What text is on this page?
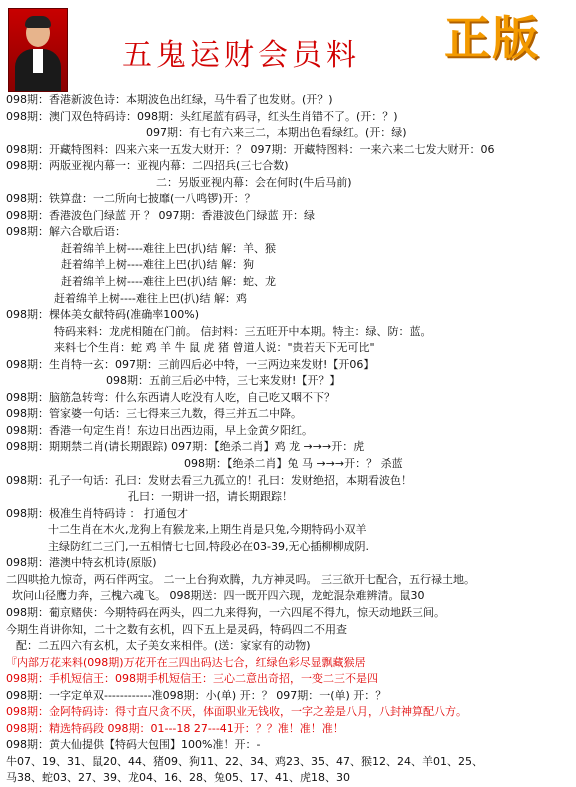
五鬼运财会员料 正版
098期：香港新波色诗：本期波色出红绿，马牛看了也发财。(开？)
098期：澳门双色特码诗：098期：头红尾蓝有码寻，红头生肖错不了。(开：？)
097期：有七有六来三二，本期出色看绿红。(开：绿)
098期：开藏特图料：四来六来一五发大财开：？ 097期：开藏特图料：一来六来二七发大财开：06
098期：两版亚视内幕一：亚视内幕：二四招兵(三七合数)
二：另版亚视内幕：会在何时(牛后马前)
098期：铁算盘：一二所向七披靡(一八鸣锣)开：？
098期：香港波色门绿蓝 开 ？ 097期：香港波色门绿蓝 开：绿
098期：解六合歇后语：
赶着绵羊上树----难往上巴(扒)结 解：羊、猴
赶着绵羊上树----难往上巴(扒)结 解：狗
赶着绵羊上树----难往上巴(扒)结 解：蛇、龙
赶着绵羊上树----难往上巴(扒)结 解：鸡
098期：棵体美女献特码(准确率100%)
特码来料：龙虎相随在门前。 信封料：三五旺开中本期。特主：绿、防：蓝。
来料七个生肖：蛇 鸡 羊 牛 鼠 虎 猪 曾道人说："贵若天下无可比"
098期：生肖特一玄：097期：三前四后必中特，一三两边来发财!【开06】
098期：五前三后必中特，三七来发财!【开？】
098期：脑筋急转弯：什么东西请人吃没有人吃，自己吃又咽不下？
098期：管家婆一句话：三七得来三九数，得三并五二中降。
098期：香港一句定生肖！东边日出西边雨，早上金黄夕阳红。
098期：期期禁二肖(请长期跟踪) 097期：【绝杀二肖】鸡 龙 →→→开：虎
098期：【绝杀二肖】兔 马 →→→开：？ 杀蓝
098期：孔子一句话：孔曰：发财去看三九孤立的！孔曰：发财绝招，本期看波色！
孔曰：一期讲一招，请长期跟踪！
098期：极准生肖特码诗 ： 打通包才
十二生肖在木火,龙狗上有猴龙来,上期生肖是只兔,今期特码小双羊
主绿防红二三门,一五相情七七回,特段必在03-39,无心插柳柳成阴.
098期：港澳中特玄机诗(原版)
二四哄抢九惊奇，两石伴两宝。 二一上台狗欢腾，九方神灵吗。 三三欲开七配合，五行禄土地。
坎问山径鹰力奔，三槐六魂飞。 098期送：四一既开四六现，龙蛇混杂难辨清。鼠30
098期：葡京赌侠：今期特码在两头，四二九来得狗，一六四尾不得九，惊天动地跃三间。
今期生肖讲你知，二十之数有玄机，四下五上是灵码，特码四二不用查
配：二五四六有玄机，太子美女来相伴。(送：家家有的动物)
『内部万花来料(098期)万花开在三四出码达七合，红绿色彩尽显飘藏猴居
098期：手机短信王：098期手机短信王：三心二意出奇招，一变二三不是四
098期：一字定单双------------准098期：小(单) 开：？ 097期：一(单) 开：？
098期：金阿特码诗：得寸直尺贪不厌，体面职业无钱收，一字之差是八月，八封神算配八方。
098期：精选特码段 098期：01---18 27---41开：？？准！准！准！
098期：黄大仙提供【特码大包围】100%准！开：-
牛07、19、31、鼠20、44、猪09、狗11、22、34、鸡23、35、47、猴12、24、羊01、25、
马38、蛇03、27、39、龙04、16、28、兔05、17、41、虎18、30
